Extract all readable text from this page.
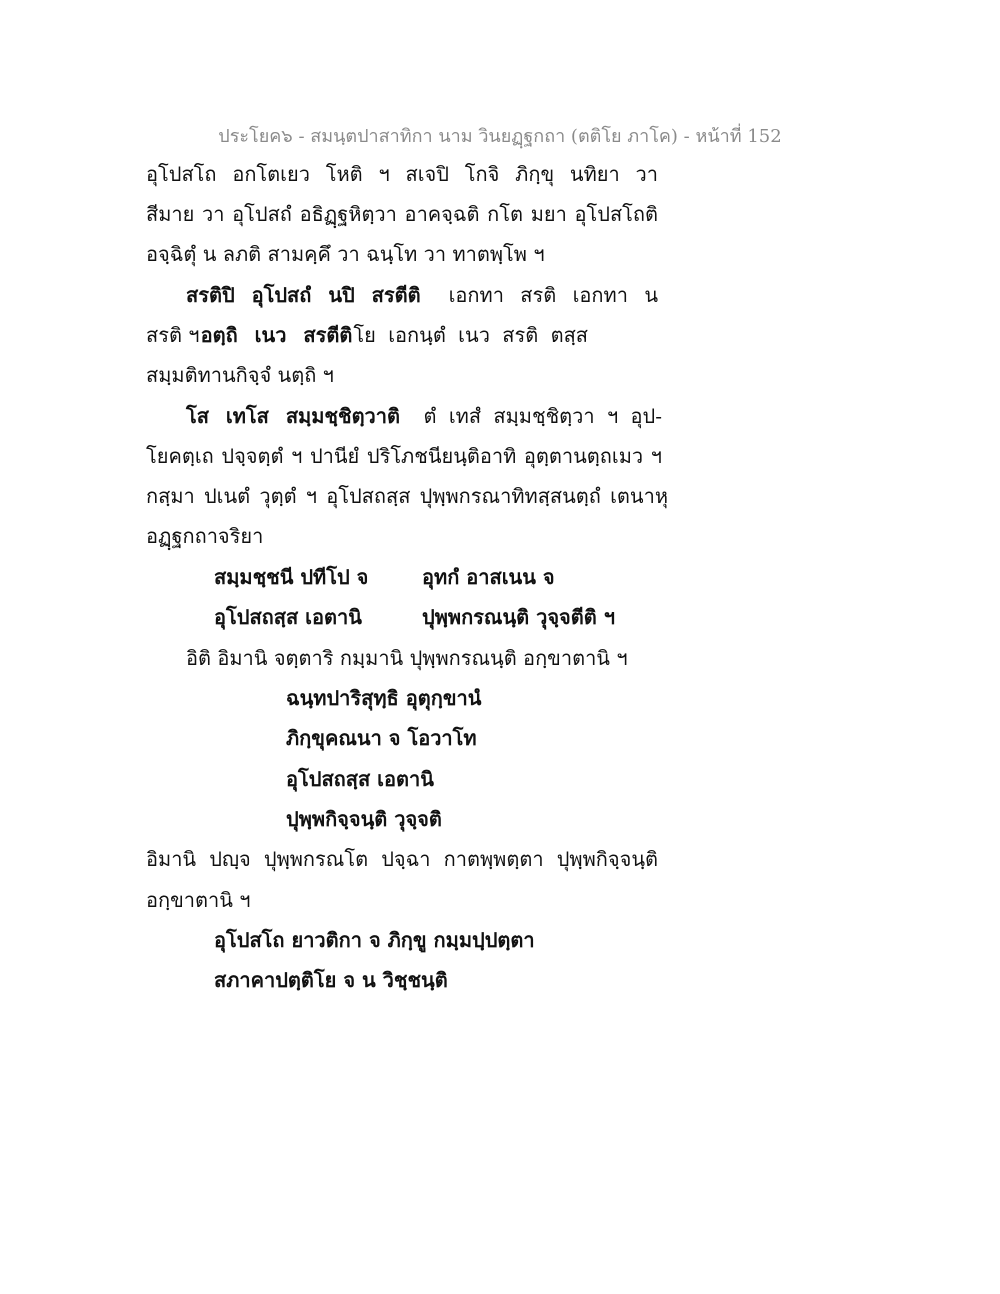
ประโยค๖ - สมนฺตปาสาทิกา นาม วินยฏฺฐกถา (ตติโย ภาโค) - หน้าที่ 152
อุโปสโถ อกโตเยว โหติ ฯ สเจปิ โกจิ ภิกฺขุ นทิยา วา
สีมาย วา อุโปสถํ อธิฏฺฐหิตฺวา อาคจฺฉติ กโต มยา อุโปสโถติ
อจฺฉิตุํ น ลภติ สามคฺคึ วา ฉนฺโท วา ทาตพฺโพ ฯ
สรติปิ อุโปสถํ นปิ สรตีติ เอกทา สรติ เอกทา น
สรติ ฯ อตฺถิ เนว สรตีติ โย เอกนฺตํ เนว สรติ ตสฺส
สมฺมติทานกิจฺจํ นตฺถิ ฯ
โส เทโส สมฺมชฺชิตฺวาติ ตํ เทสํ สมฺมชฺชิตฺวา ฯ อุป-
โยคตฺเถ ปจฺจตฺตํ ฯ ปานียํ ปริโภชนียนฺติอาทิ อุตฺตานตฺถเมว ฯ
กสฺมา ปเนตํ วุตฺตํ ฯ อุโปสถสฺส ปุพฺพกรณาทิทสฺสนตฺถํ เตนาหุ
อฏฺฐกถาจริยา
สมฺมชฺชนี ปทีโป จ	อุทกํ อาสเนน จ
อุโปสถสฺส เอตานิ	ปุพฺพกรณนฺติ วุจฺจตีติ ฯ
อิติ อิมานิ จตฺตาริ กมฺมานิ ปุพฺพกรณนฺติ อกฺขาตานิ ฯ
ฉนฺทปาริสุทฺธิ อุตุกฺขานํ
ภิกฺขุคณนา จ โอวาโท
อุโปสถสฺส เอตานิ
ปุพฺพกิจฺจนฺติ วุจฺจติ
อิมานิ ปญฺจ ปุพฺพกรณโต ปจฺฉา กาตพฺพตฺตา ปุพฺพกิจฺจนฺติ
อกฺขาตานิ ฯ
อุโปสโถ ยาวติกา จ ภิกฺขู กมฺมปฺปตฺตา
สภาคาปตฺติโย จ น วิชฺชนฺติ
